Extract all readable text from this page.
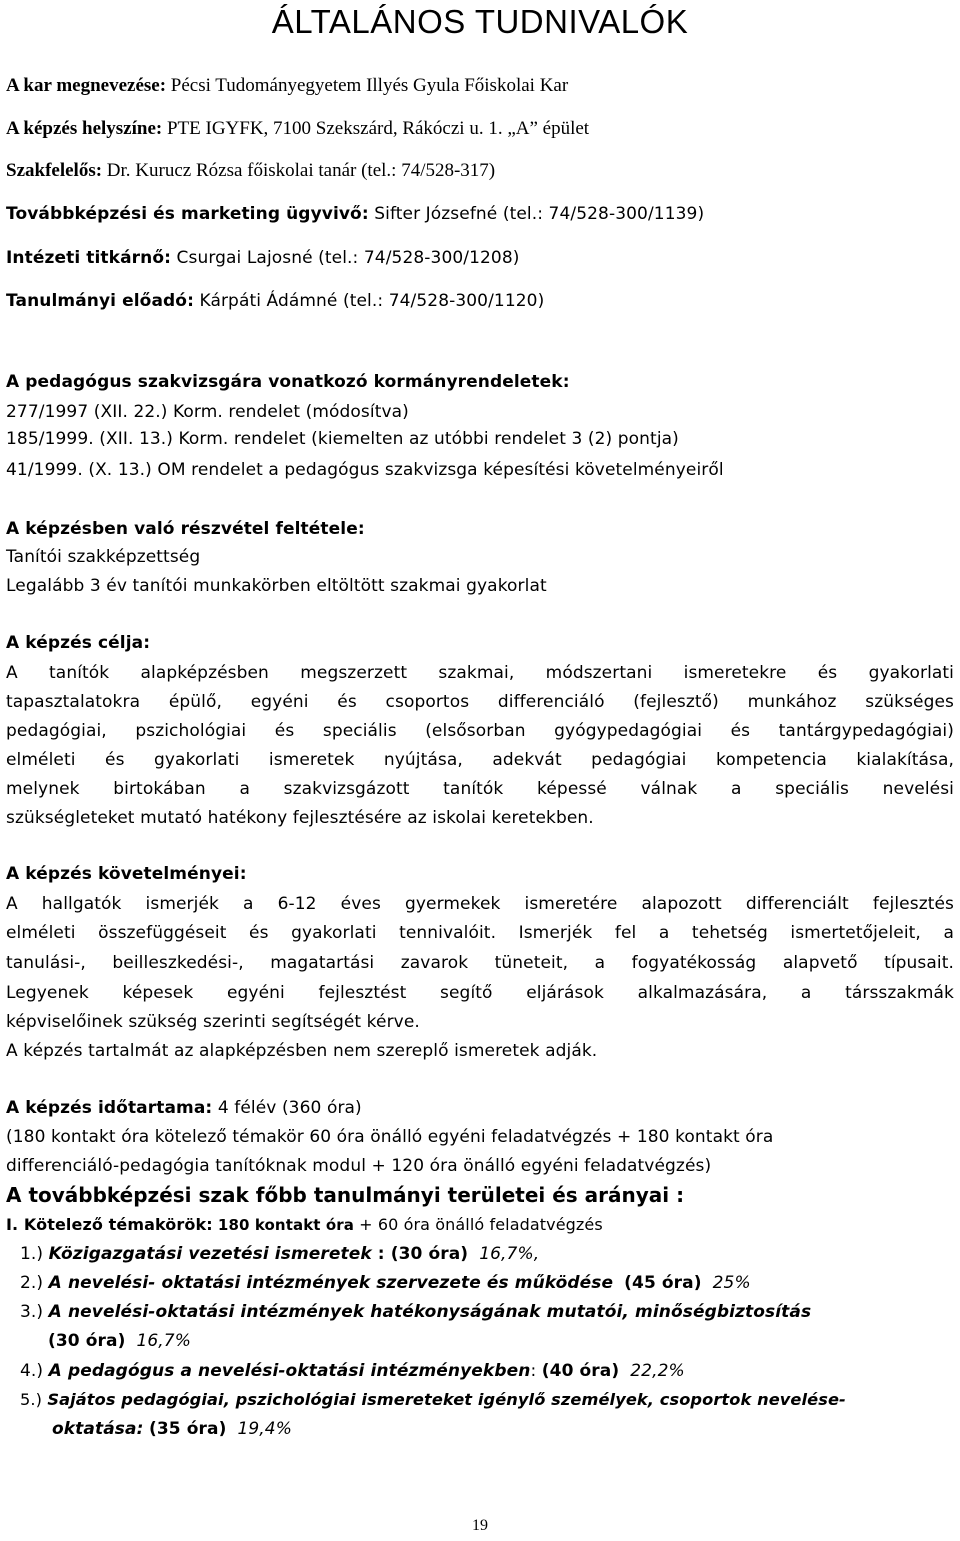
ÁLTALÁNOS TUDNIVALÓK
A kar megnevezése: Pécsi Tudományegyetem Illyés Gyula Főiskolai Kar
A képzés helyszíne: PTE IGYFK, 7100 Szekszárd, Rákóczi u. 1. „A” épület
Szakfelelős: Dr. Kurucz Rózsa főiskolai tanár (tel.: 74/528-317)
Továbbképzési és marketing ügyvivő: Sifter Józsefné (tel.: 74/528-300/1139)
Intézeti titkárnő: Csurgai Lajosné (tel.: 74/528-300/1208)
Tanulmányi előadó: Kárpáti Ádámné (tel.: 74/528-300/1120)
A pedagógus szakvizsgára vonatkozó kormányrendeletek:
277/1997 (XII. 22.) Korm. rendelet (módosítva)
185/1999. (XII. 13.) Korm. rendelet (kiemelten az utóbbi rendelet 3 (2) pontja)
41/1999. (X. 13.) OM rendelet a pedagógus szakvizsga képesítési követelményeiről
A képzésben való részvétel feltétele:
Tanítói szakképzettség
Legalább 3 év tanítói munkakörben eltöltött szakmai gyakorlat
A képzés célja:
A tanítók alapképzésben megszerzett szakmai, módszertani ismeretekre és gyakorlati
tapasztalatokra épülő, egyéni és csoportos differenciáló (fejlesztő) munkához szükséges
pedagógiai, pszichológiai és speciális (elsősorban gyógypedagógiai és tantárgypedagógiai)
elméleti és gyakorlati ismeretek nyújtása, adekvát pedagógiai kompetencia kialakítása,
melynek birtokában a szakvizsgázott tanítók képessé válnak a speciális nevelési
szükségleteket mutató hatékony fejlesztésére az iskolai keretekben.
A képzés követelményei:
A hallgatók ismerjék a 6-12 éves gyermekek ismeretére alapozott differenciált fejlesztés
elméleti összefüggéseit és gyakorlati tennivalóit. Ismerjék fel a tehetség ismertetőjeleit, a
tanulási-, beilleszkedési-, magatartási zavarok tüneteit, a fogyatékosság alapvető típusait.
Legyenek képesek egyéni fejlesztést segítő eljárások alkalmazására, a társszakmák
képviselőinek szükség szerinti segítségét kérve.
A képzés tartalmát az alapképzésben nem szereplő ismeretek adják.
A képzés időtartama: 4 félév (360 óra)
(180 kontakt óra kötelező témakör 60 óra önálló egyéni feladatvégzés + 180 kontakt óra
differenciáló-pedagógia tanítóknak modul + 120 óra önálló egyéni feladatvégzés)
A továbbképzési szak főbb tanulmányi területei és arányai :
I. Kötelező témakörök: 180 kontakt óra + 60 óra önálló feladatvégzés
1.) Közigazgatási vezetési ismeretek : (30 óra) 16,7%,
2.) A nevelési- oktatási intézmények szervezete és működése (45 óra) 25%
3.) A nevelési-oktatási intézmények hatékonyságának mutatói, minőségbiztosítás
(30 óra) 16,7%
4.) A pedagógus a nevelési-oktatási intézményekben: (40 óra) 22,2%
5.) Sajátos pedagógiai, pszichológiai ismereteket igénylő személyek, csoportok nevelése-
oktatása: (35 óra) 19,4%
19
